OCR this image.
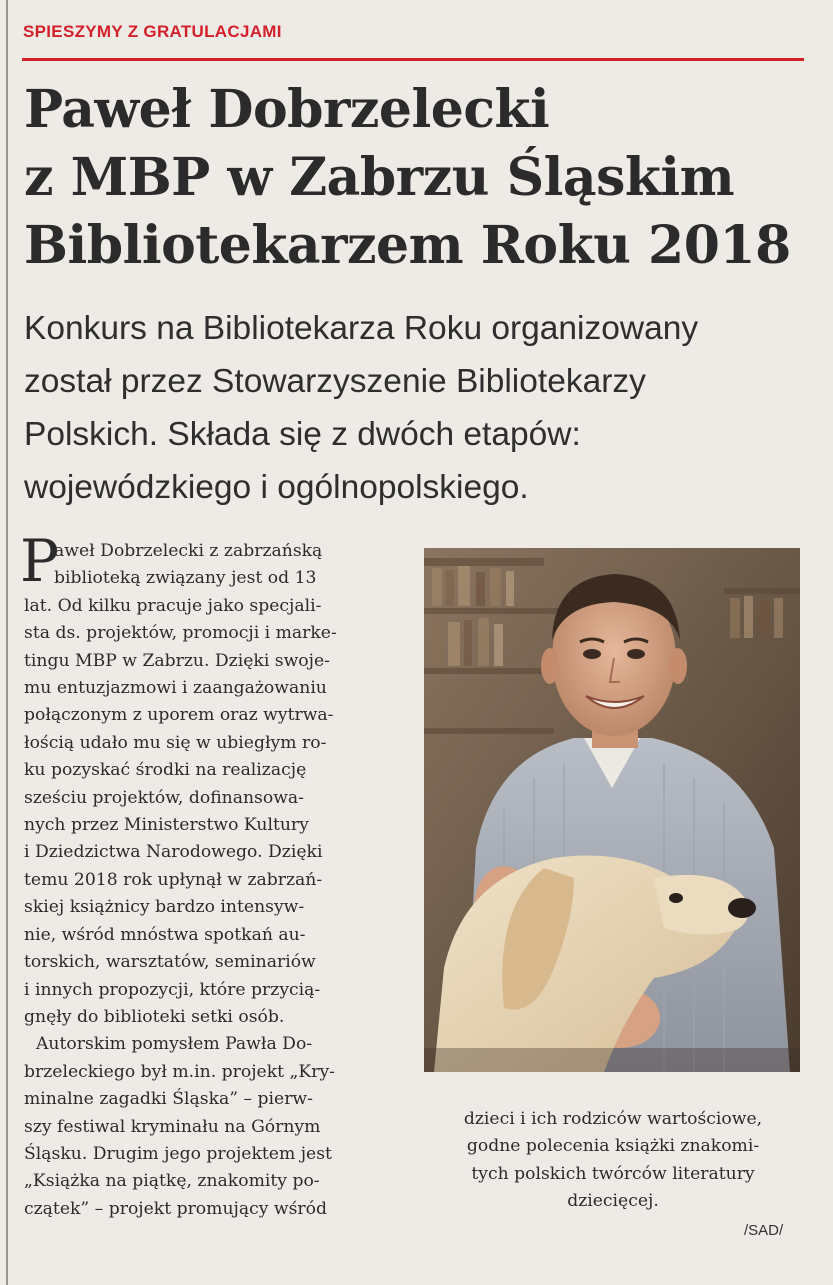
SPIESZYMY Z GRATULACJAMI
Paweł Dobrzelecki
z MBP w Zabrzu Śląskim
Bibliotekarzem Roku 2018

Konkurs na Bibliotekarza Roku organizowany
został przez Stowarzyszenie Bibliotekarzy
Polskich. Składa się z dwóch etapów:
wojewódzkiego i ogólnopolskiego.

P
aweł Dobrzelecki z zabrzańską
biblioteką związany jest od 13
lat. Od kilku pracuje jako specjali-
sta ds. projektów, promocji i marke-
tingu MBP w Zabrzu. Dzięki swoje-
mu entuzjazmowi i zaangażowaniu
połączonym z uporem oraz wytrwa-
łością udało mu się w ubiegłym ro-
ku pozyskać środki na realizację
sześciu projektów, dofinansowa-
nych przez Ministerstwo Kultury
i Dziedzictwa Narodowego. Dzięki
temu 2018 rok upłynął w zabrzań-
skiej książnicy bardzo intensyw-
nie, wśród mnóstwa spotkań au-
torskich, warsztatów, seminariów
i innych propozycji, które przycią-
gnęły do biblioteki setki osób.
Autorskim pomysłem Pawła Do-
brzeleckiego był m.in. projekt „Kry-
minalne zagadki Śląska” – pierw-
szy festiwal kryminału na Górnym
Śląsku. Drugim jego projektem jest
„Książka na piątkę, znakomity po-
czątek” – projekt promujący wśród
dzieci i ich rodziców wartościowe,
godne polecenia książki znakomi-
tych polskich twórców literatury
dziecięcej.
/SAD/
